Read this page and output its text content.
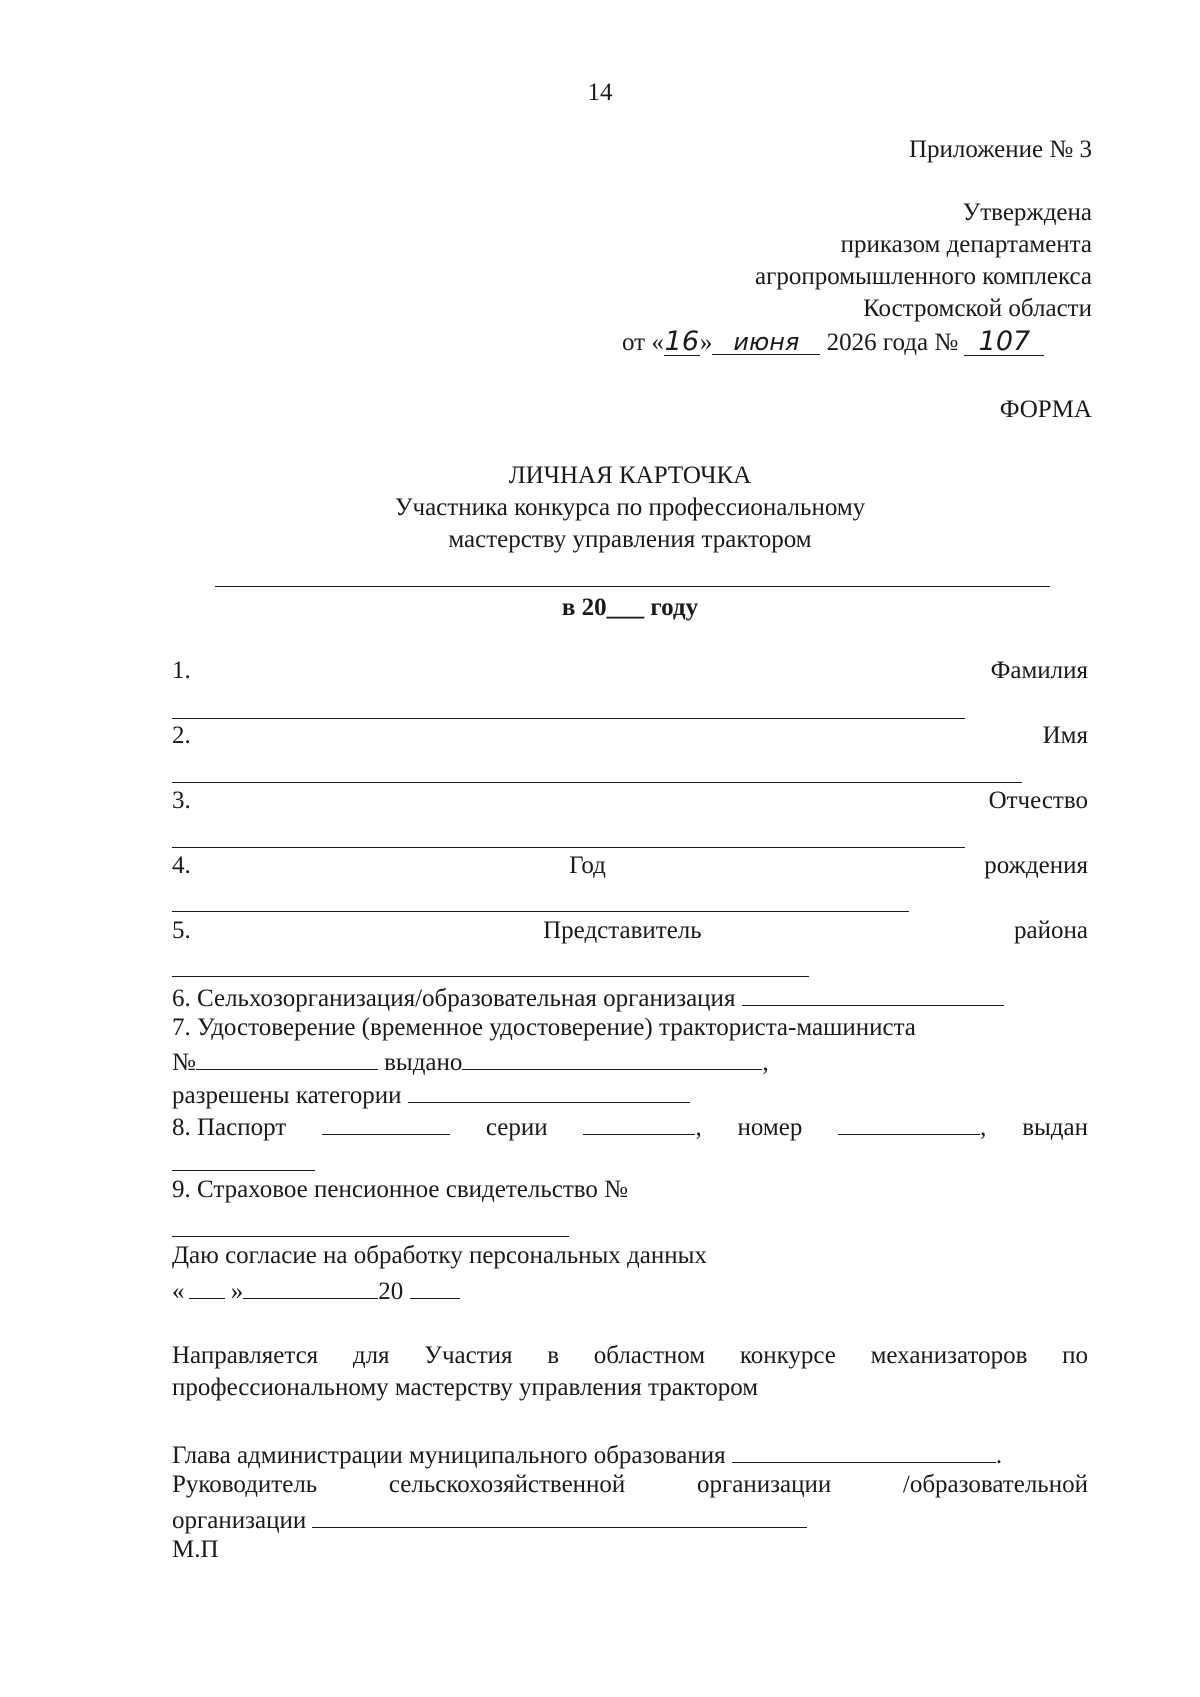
14
Приложение № 3
Утверждена
приказом департамента
агропромышленного комплекса
Костромской области
от «16» июня 2026 года № 107
ФОРМА
ЛИЧНАЯ КАРТОЧКА
Участника конкурса по профессиональному
мастерству управления трактором
в 20___ году
1.	Фамилия
2.	Имя
3.	Отчество
4.	Год	рождения
5.	Представитель	района
6. Сельхозорганизация/образовательная организация
7. Удостоверение (временное удостоверение) тракториста-машиниста
№	выдано	,
разрешены категории
8. Паспорт	серии	, номер	, выдан
9. Страховое пенсионное свидетельство №
Даю согласие на обработку персональных данных
« »	20
Направляется для Участия в областном конкурсе механизаторов по
профессиональному мастерству управления трактором
Глава администрации муниципального образования	.
Руководитель	сельскохозяйственной	организации	/образовательной
организации
М.П
